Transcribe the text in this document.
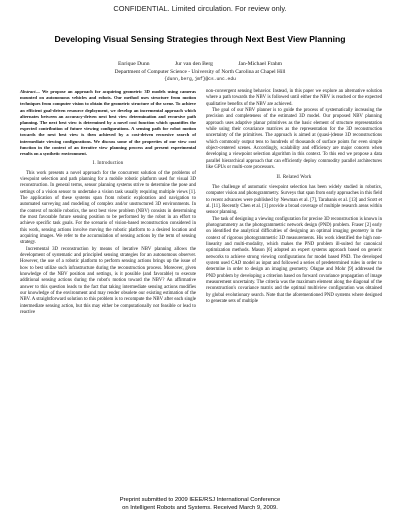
CONFIDENTIAL. Limited circulation. For review only.
Developing Visual Sensing Strategies through Next Best View Planning
Enrique Dunn	Jur van den Berg	Jan-Michael Frahm
Department of Computer Science - University of North Carolina at Chapel Hill
{dunn,berg,jmf}@cs.unc.edu

Abstract— We propose an approach for acquiring geometric 3D models using cameras mounted on autonomous vehicles and robots. Our method uses structure from motion techniques from computer vision to obtain the geometric structure of the scene. To achieve an efficient goal-driven resource deployment, we develop an incremental approach which alternates between an accuracy-driven next best view determination and recursive path planning. The next best view is determined by a novel cost function which quantifies the expected contribution of future viewing configurations. A sensing path for robot motion towards the next best view is then achieved by a cost-driven recursive search of intermediate viewing configurations. We discuss some of the properties of our view cost function in the context of an iterative view planning process and present experimental results on a synthetic environment.

I. Introduction

This work presents a novel approach for the concurrent solution of the problems of viewpoint selection and path planning for a mobile robotic platform used for visual 3D reconstruction. In general terms, sensor planning systems strive to determine the pose and settings of a vision sensor to undertake a vision task usually requiring multiple views [1]. The application of these systems span from robotic exploration and navigation to automated surveying and modeling of complex and/or unstructured 3D environments. In the context of mobile robotics, the next best view problem (NBV) consists in determining the most favorable future sensing position to be performed by the robot in an effort to achieve specific task goals. For the scenario of vision-based reconstruction considered in this work, sensing actions involve moving the robotic platform to a desired location and acquiring images. We refer to the accumulation of sensing actions by the term of sensing strategy.

Incremental 3D reconstruction by means of iterative NBV planning allows the development of systematic and principled sensing strategies for an autonomous observer. However, the use of a robotic platform to perform sensing actions brings up the issue of how to best utilize such infrastructure during the reconstruction process. Moreover, given knowledge of the NBV position and settings, is it possible (and favorable) to execute additional sensing actions during the robot's motion toward the NBV? An affirmative answer to this question leads to the fact that taking intermediate sensing actions modifies our knowledge of the environment and may render obsolete our existing estimation of the NBV. A straightforward solution to this problem is to recompute the NBV after each single intermediate sensing action, but this may either be computationally not feasible or lead to reactive

non-convergent sensing behavior. Instead, in this paper we explore an alternative solution where a path towards the NBV is followed until either the NBV is reached or the expected qualitative benefits of the NBV are achieved.

The goal of our NBV planner is to guide the process of systematically increasing the precision and completeness of the estimated 3D model. Our proposed NBV planning approach uses adaptive planar primitives as the basic element of structure representation while using their covariance matrices as the representation for the 3D reconstruction uncertainty of the primitives. The approach is aimed at (quasi-)dense 3D reconstructions which commonly output tens to hundreds of thousands of surface points for even simple object-centered scenes. Accordingly, scalability and efficiency are major concern when developing a viewpoint selection algorithm in this context. To this end we propose a data parallel hierarchical approach that can efficiently deploy commodity parallel architectures like GPUs or multi-core processors.

II. Related Work

The challenge of automatic viewpoint selection has been widely studied in robotics, computer vision and photogrammetry. Surveys that span from early approaches in this field to recent advances were published by Newman et al. [7], Tarabanis et al. [13] and Scott et al. [11]. Recently Chen et al. [1] provide a broad coverage of multiple research areas within sensor planning.

The task of designing a viewing configuration for precise 3D reconstruction is known in photogrammetry as the photogrammetric network design (PND) problem. Fraser [2] early on identified the analytical difficulties of designing an optimal imaging geometry in the context of rigorous photogrammetric 3D measurements. His work identified the high non-linearity and multi-modality, which makes the PND problem ill-suited for canonical optimization methods. Mason [6] adopted an expert systems approach based on generic networks to achieve strong viewing configurations for model based PND. The developed system used CAD model as input and followed a series of predetermined rules in order to determine in order to design an imaging geometry. Olague and Mohr [9] addressed the PND problem by developing a criterion based on forward covariance propagation of image measurement uncertainty. The criteria was the maximum element along the diagonal of the reconstruction's covariance matrix and the optimal multiview configuration was obtained by global evolutionary search. Note that the aforementioned PND systems where designed to generate sets of multiple

Preprint submitted to 2009 IEEE/RSJ International Conference
on Intelligent Robots and Systems. Received March 9, 2009.
